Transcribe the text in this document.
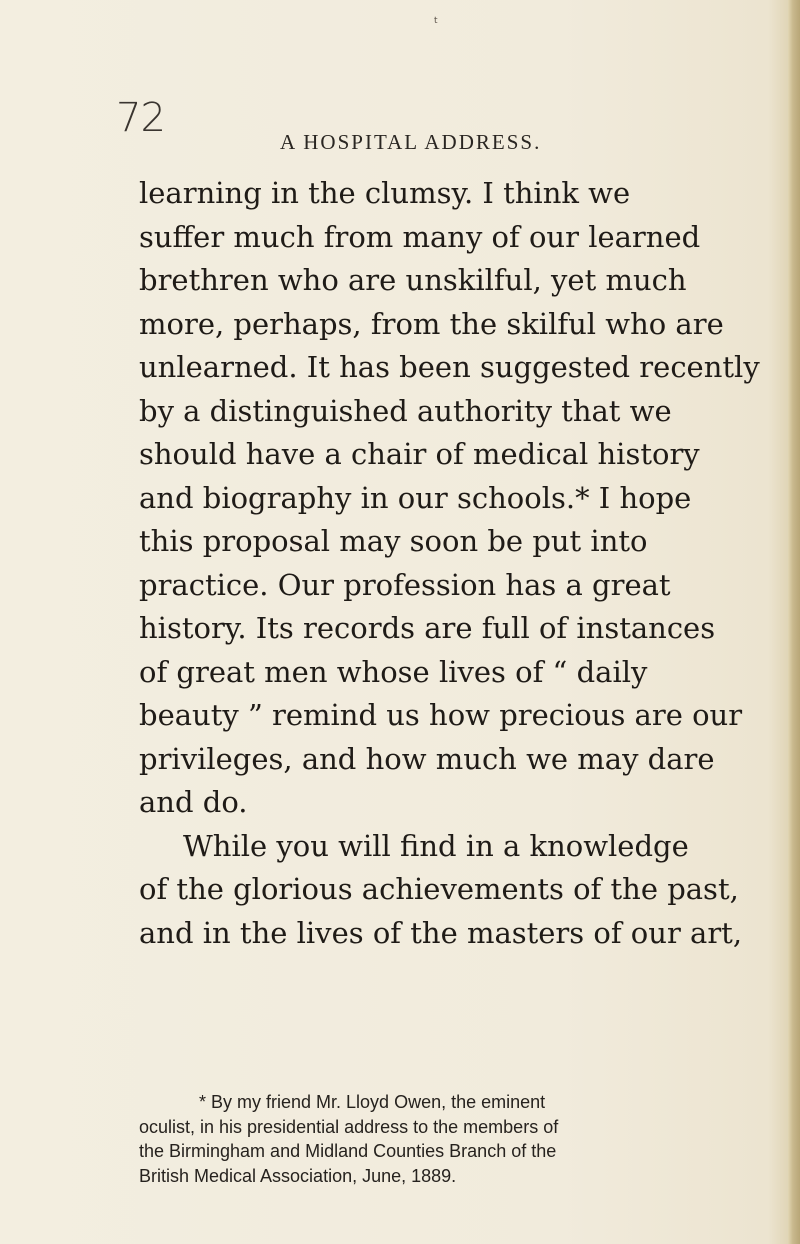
t
72
A HOSPITAL ADDRESS.
learning in the clumsy. I think we
suffer much from many of our learned
brethren who are unskilful, yet much
more, perhaps, from the skilful who are
unlearned. It has been suggested recently
by a distinguished authority that we
should have a chair of medical history
and biography in our schools.* I hope
this proposal may soon be put into
practice. Our profession has a great
history. Its records are full of instances
of great men whose lives of “ daily
beauty ” remind us how precious are our
privileges, and how much we may dare
and do.
While you will find in a knowledge
of the glorious achievements of the past,
and in the lives of the masters of our art,
* By my friend Mr. Lloyd Owen, the eminent
oculist, in his presidential address to the members of
the Birmingham and Midland Counties Branch of the
British Medical Association, June, 1889.
